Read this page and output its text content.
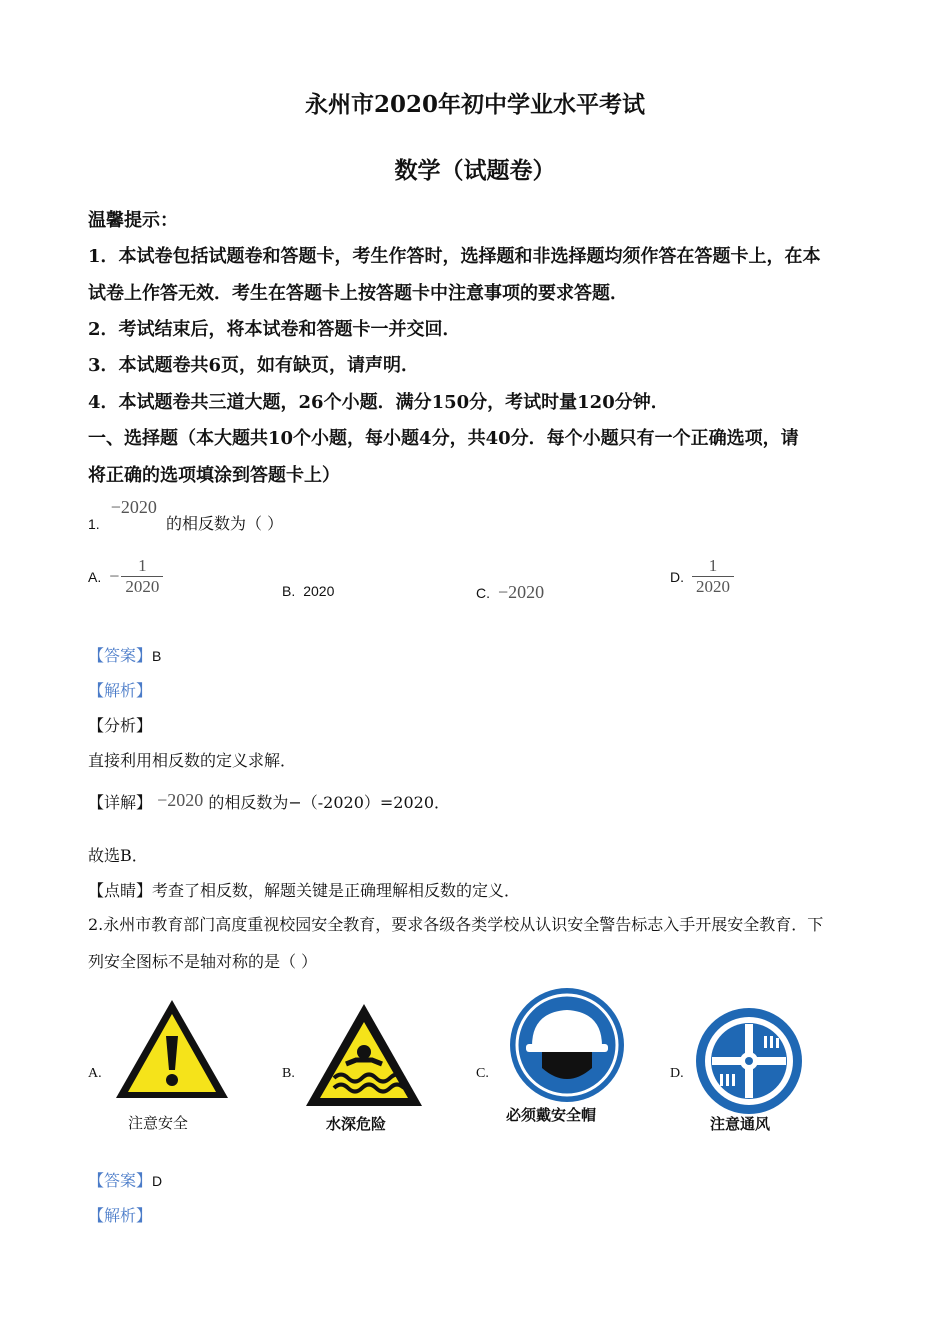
永州市2020年初中学业水平考试
数学（试题卷）
温馨提示：
1．本试卷包括试题卷和答题卡，考生作答时，选择题和非选择题均须作答在答题卡上，在本
试卷上作答无效．考生在答题卡上按答题卡中注意事项的要求答题．
2．考试结束后，将本试卷和答题卡一并交回．
3．本试题卷共6页，如有缺页，请声明．
4．本试题卷共三道大题，26个小题．满分150分，考试时量120分钟．
一、选择题（本大题共10个小题，每小题4分，共40分．每个小题只有一个正确选项，请
将正确的选项填涂到答题卡上）
1. −2020 的相反数为（ ）
A. − $\frac{1}{2020}$	B. 2020	C. −2020
D. $\frac{1}{2020}$
【答案】B
【解析】
【分析】
直接利用相反数的定义求解．
【详解】 −2020 的相反数为−（-2020）=2020．
故选B．
【点睛】考查了相反数，解题关键是正确理解相反数的定义．
2.永州市教育部门高度重视校园安全教育，要求各级各类学校从认识安全警告标志入手开展安全教育．下
列安全图标不是轴对称的是（ ）
A.
注意安全
B.
水深危险
C.
必须戴安全帽
D.
注意通风
【答案】D
【解析】
